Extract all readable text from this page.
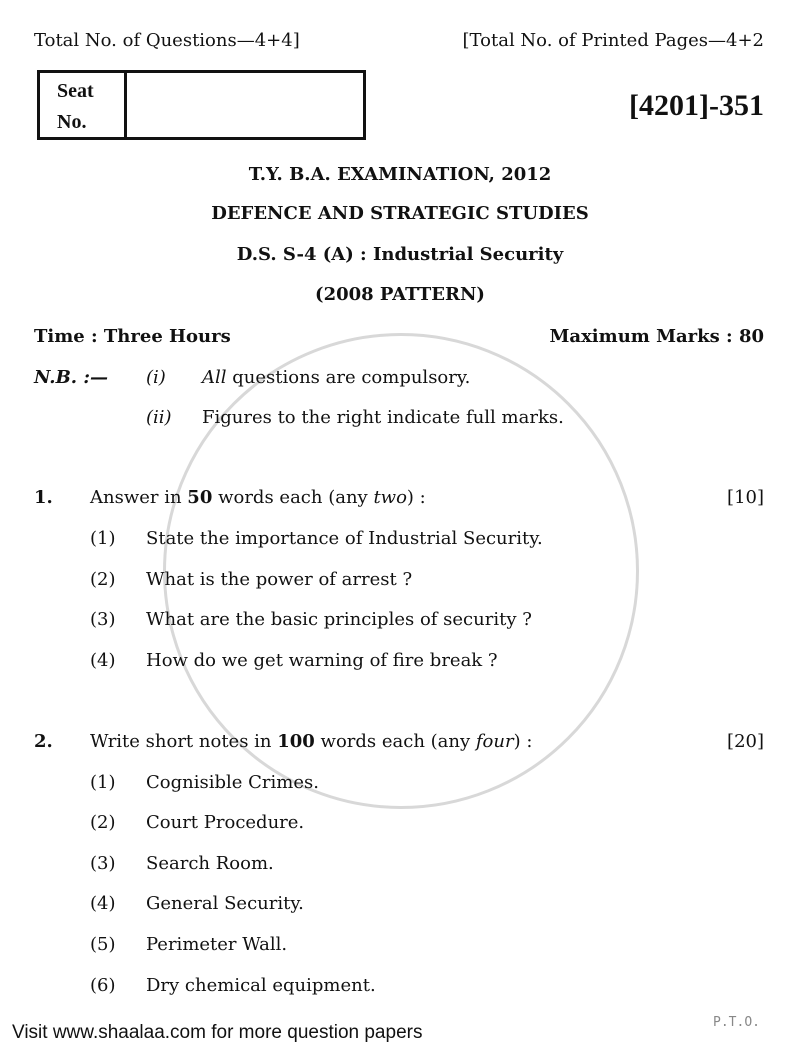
Total No. of Questions—4+4]	[Total No. of Printed Pages—4+2
Seat
No.	[4201]-351
T.Y. B.A. EXAMINATION, 2012
DEFENCE AND STRATEGIC STUDIES
D.S. S-4 (A) : Industrial Security
(2008 PATTERN)
Time : Three Hours	Maximum Marks : 80
N.B. :— (i) All questions are compulsory.
(ii) Figures to the right indicate full marks.
1. Answer in 50 words each (any two) :	[10]
(1) State the importance of Industrial Security.
(2) What is the power of arrest ?
(3) What are the basic principles of security ?
(4) How do we get warning of fire break ?
2. Write short notes in 100 words each (any four) :	[20]
(1) Cognisible Crimes.
(2) Court Procedure.
(3) Search Room.
(4) General Security.
(5) Perimeter Wall.
(6) Dry chemical equipment.
P.T.O.
Visit www.shaalaa.com for more question papers
